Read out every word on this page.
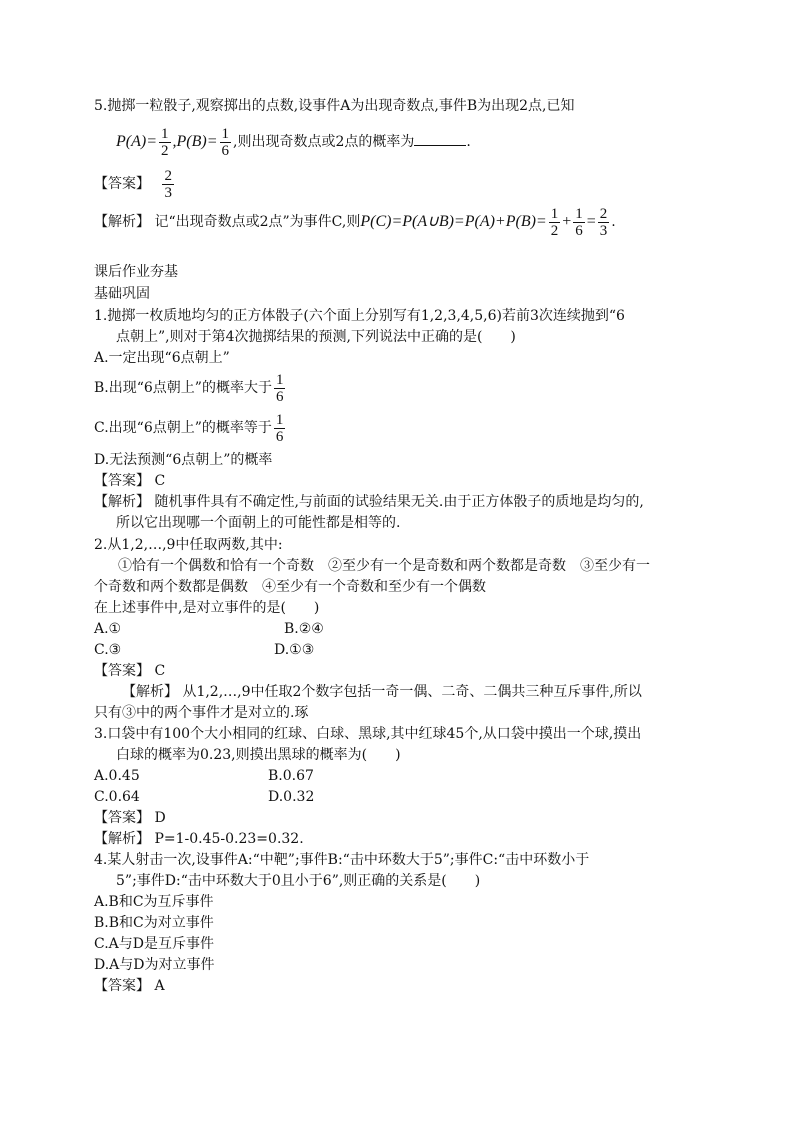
5.抛掷一粒骰子,观察掷出的点数,设事件A为出现奇数点,事件B为出现2点,已知
$P(A)= \frac{1}{2} ,P(B)= \frac{1}{6}$ ,则出现奇数点或2点的概率为	.
【答案】 $\frac{2}{3}$
【解析】 记“出现奇数点或2点”为事件C,则P(C)=P(A∪B)=P(A)+P(B)= $\frac{1}{2} + \frac{1}{6} = \frac{2}{3}$ .
课后作业夯基
基础巩固
1.抛掷一枚质地均匀的正方体骰子(六个面上分别写有1,2,3,4,5,6)若前3次连续抛到“6
点朝上”,则对于第4次抛掷结果的预测,下列说法中正确的是(　　)
A.一定出现“6点朝上”
B.出现“6点朝上”的概率大于 $\frac{1}{6}$
C.出现“6点朝上”的概率等于 $\frac{1}{6}$
D.无法预测“6点朝上”的概率
【答案】 C
【解析】 随机事件具有不确定性,与前面的试验结果无关.由于正方体骰子的质地是均匀的,
所以它出现哪一个面朝上的可能性都是相等的.
2.从1,2,…,9中任取两数,其中:
①恰有一个偶数和恰有一个奇数　②至少有一个是奇数和两个数都是奇数　③至少有一
个奇数和两个数都是偶数　④至少有一个奇数和至少有一个偶数
在上述事件中,是对立事件的是(　　)
A.①	B.②④
C.③	D.①③
【答案】 C
【解析】 从1,2,…,9中任取2个数字包括一奇一偶、二奇、二偶共三种互斥事件,所以
只有③中的两个事件才是对立的.琢
3.口袋中有100个大小相同的红球、白球、黑球,其中红球45个,从口袋中摸出一个球,摸出
白球的概率为0.23,则摸出黑球的概率为(　　)
A.0.45	B.0.67
C.0.64	D.0.32
【答案】 D
【解析】 P=1-0.45-0.23=0.32.
4.某人射击一次,设事件A:“中靶”;事件B:“击中环数大于5”;事件C:“击中环数小于
5”;事件D:“击中环数大于0且小于6”,则正确的关系是(　　)
A.B和C为互斥事件
B.B和C为对立事件
C.A与D是互斥事件
D.A与D为对立事件
【答案】 A
